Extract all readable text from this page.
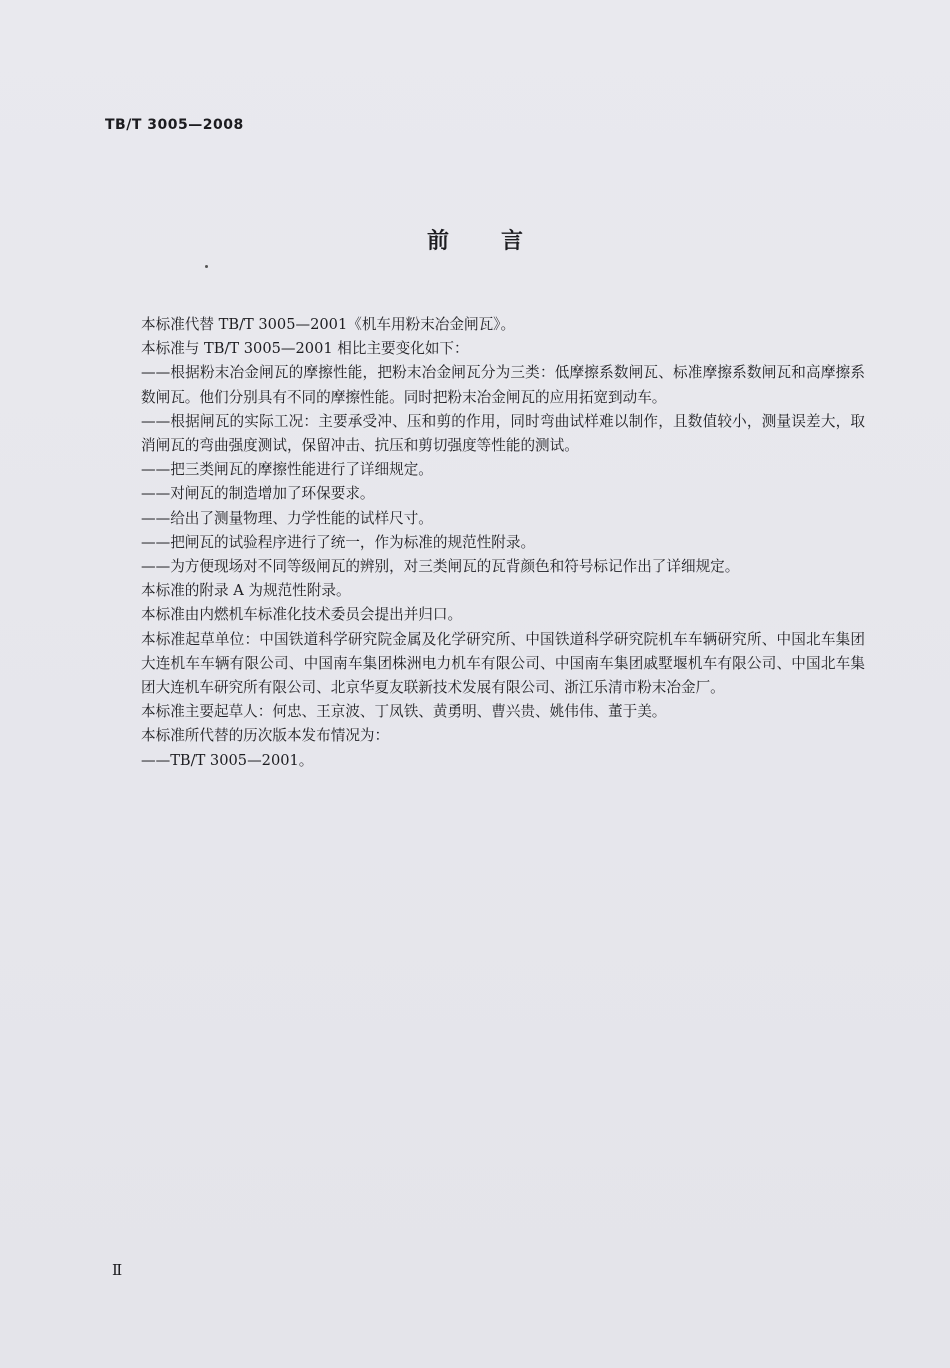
TB/T 3005—2008
前 言

本标准代替 TB/T 3005—2001《机车用粉末冶金闸瓦》。

本标准与 TB/T 3005—2001 相比主要变化如下：

——根据粉末冶金闸瓦的摩擦性能，把粉末冶金闸瓦分为三类：低摩擦系数闸瓦、标准摩擦系数闸瓦和高摩擦系数闸瓦。他们分别具有不同的摩擦性能。同时把粉末冶金闸瓦的应用拓宽到动车。

——根据闸瓦的实际工况：主要承受冲、压和剪的作用，同时弯曲试样难以制作，且数值较小，测量误差大，取消闸瓦的弯曲强度测试，保留冲击、抗压和剪切强度等性能的测试。

——把三类闸瓦的摩擦性能进行了详细规定。

——对闸瓦的制造增加了环保要求。

——给出了测量物理、力学性能的试样尺寸。

——把闸瓦的试验程序进行了统一，作为标准的规范性附录。

——为方便现场对不同等级闸瓦的辨别，对三类闸瓦的瓦背颜色和符号标记作出了详细规定。

本标准的附录 A 为规范性附录。

本标准由内燃机车标准化技术委员会提出并归口。

本标准起草单位：中国铁道科学研究院金属及化学研究所、中国铁道科学研究院机车车辆研究所、中国北车集团大连机车车辆有限公司、中国南车集团株洲电力机车有限公司、中国南车集团戚墅堰机车有限公司、中国北车集团大连机车研究所有限公司、北京华夏友联新技术发展有限公司、浙江乐清市粉末冶金厂。

本标准主要起草人：何忠、王京波、丁凤铁、黄勇明、曹兴贵、姚伟伟、董于美。

本标准所代替的历次版本发布情况为：

——TB/T 3005—2001。

Ⅱ
